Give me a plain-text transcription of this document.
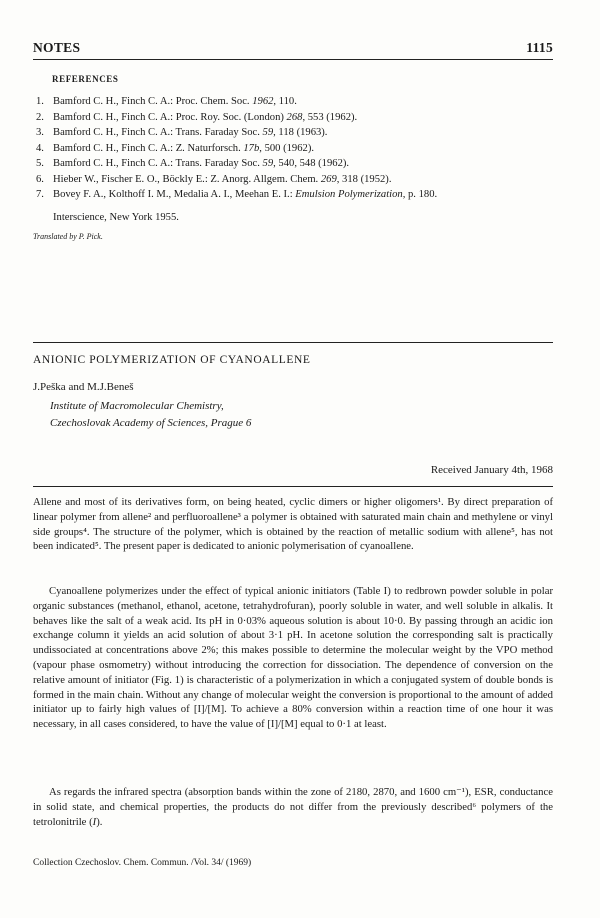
NOTES	1115
REFERENCES
1. Bamford C. H., Finch C. A.: Proc. Chem. Soc. 1962, 110.
2. Bamford C. H., Finch C. A.: Proc. Roy. Soc. (London) 268, 553 (1962).
3. Bamford C. H., Finch C. A.: Trans. Faraday Soc. 59, 118 (1963).
4. Bamford C. H., Finch C. A.: Z. Naturforsch. 17b, 500 (1962).
5. Bamford C. H., Finch C. A.: Trans. Faraday Soc. 59, 540, 548 (1962).
6. Hieber W., Fischer E. O., Böckly E.: Z. Anorg. Allgem. Chem. 269, 318 (1952).
7. Bovey F. A., Kolthoff I. M., Medalia A. I., Meehan E. I.: Emulsion Polymerization, p. 180.
Interscience, New York 1955.
Translated by P. Pick.
ANIONIC POLYMERIZATION OF CYANOALLENE
J.Peška and M.J.Beneš
Institute of Macromolecular Chemistry,
Czechoslovak Academy of Sciences, Prague 6
Received January 4th, 1968
Allene and most of its derivatives form, on being heated, cyclic dimers or higher oligomers¹. By direct preparation of linear polymer from allene² and perfluoroallene³ a polymer is obtained with saturated main chain and methylene or vinyl side groups⁴. The structure of the polymer, which is obtained by the reaction of metallic sodium with allene⁵, has not been indicated⁵. The present paper is dedicated to anionic polymerisation of cyanoallene.
Cyanoallene polymerizes under the effect of typical anionic initiators (Table I) to redbrown powder soluble in polar organic substances (methanol, ethanol, acetone, tetrahydrofuran), poorly soluble in water, and well soluble in alkalis. It behaves like the salt of a weak acid. Its pH in 0·03% aqueous solution is about 10·0. By passing through an acidic ion exchange column it yields an acid solution of about 3·1 pH. In acetone solution the corresponding salt is practically undissociated at concentrations above 2%; this makes possible to determine the molecular weight by the VPO method (vapour phase osmometry) without introducing the correction for dissociation. The dependence of conversion on the relative amount of initiator (Fig. 1) is characteristic of a polymerization in which a conjugated system of double bonds is formed in the main chain. Without any change of molecular weight the conversion is proportional to the amount of added initiator up to fairly high values of [I]/[M]. To achieve a 80% conversion within a reaction time of one hour it was necessary, in all cases considered, to have the value of [I]/[M] equal to 0·1 at least.
As regards the infrared spectra (absorption bands within the zone of 2180, 2870, and 1600 cm⁻¹), ESR, conductance in solid state, and chemical properties, the products do not differ from the previously described⁶ polymers of the tetrolonitrile (I).
Collection Czechoslov. Chem. Commun. /Vol. 34/ (1969)
